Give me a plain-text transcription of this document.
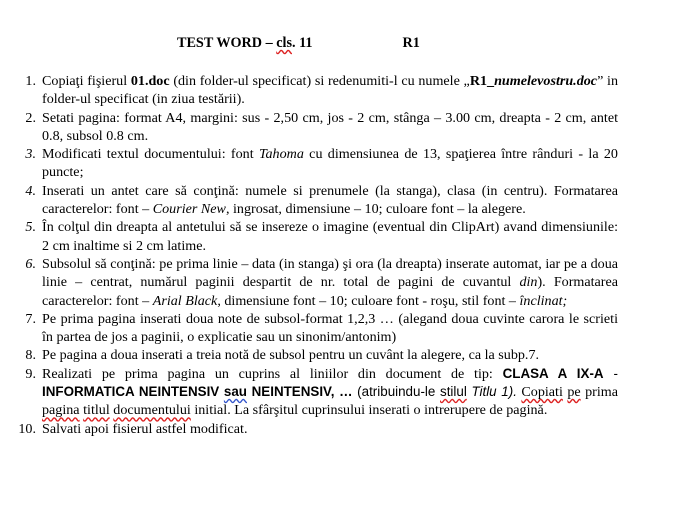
TEST WORD – cls. 11	R1
1. Copiaţi fişierul 01.doc (din folder-ul specificat) si redenumiti-l cu numele „R1_numelevostru.doc” in folder-ul specificat (in ziua testării).
2. Setati pagina: format A4, margini: sus - 2,50 cm, jos - 2 cm, stânga – 3.00 cm, dreapta - 2 cm, antet 0.8, subsol 0.8 cm.
3. Modificati textul documentului: font Tahoma cu dimensiunea de 13, spaţierea între rânduri - la 20 puncte;
4. Inserati un antet care să conţină: numele si prenumele (la stanga), clasa (in centru). Formatarea caracterelor: font – Courier New, ingrosat, dimensiune – 10; culoare font – la alegere.
5. În colţul din dreapta al antetului să se insereze o imagine (eventual din ClipArt) avand dimensiunile: 2 cm inaltime si 2 cm latime.
6. Subsolul să conţină: pe prima linie – data (in stanga) şi ora (la dreapta) inserate automat, iar pe a doua linie – centrat, numărul paginii despartit de nr. total de pagini de cuvantul din). Formatarea caracterelor: font – Arial Black, dimensiune font – 10; culoare font - roşu, stil font – înclinat;
7. Pe prima pagina inserati doua note de subsol-format 1,2,3 … (alegand doua cuvinte carora le scrieti în partea de jos a paginii, o explicatie sau un sinonim/antonim)
8. Pe pagina a doua inserati a treia notă de subsol pentru un cuvânt la alegere, ca la subp.7.
9. Realizati pe prima pagina un cuprins al liniilor din document de tip: CLASA A IX-A - INFORMATICA NEINTENSIV sau NEINTENSIV, … (atribuindu-le stilul Titlu 1). Copiati pe prima pagina titlul documentului initial. La sfârşitul cuprinsului inserati o intrerupere de pagină.
10. Salvati apoi fisierul astfel modificat.
